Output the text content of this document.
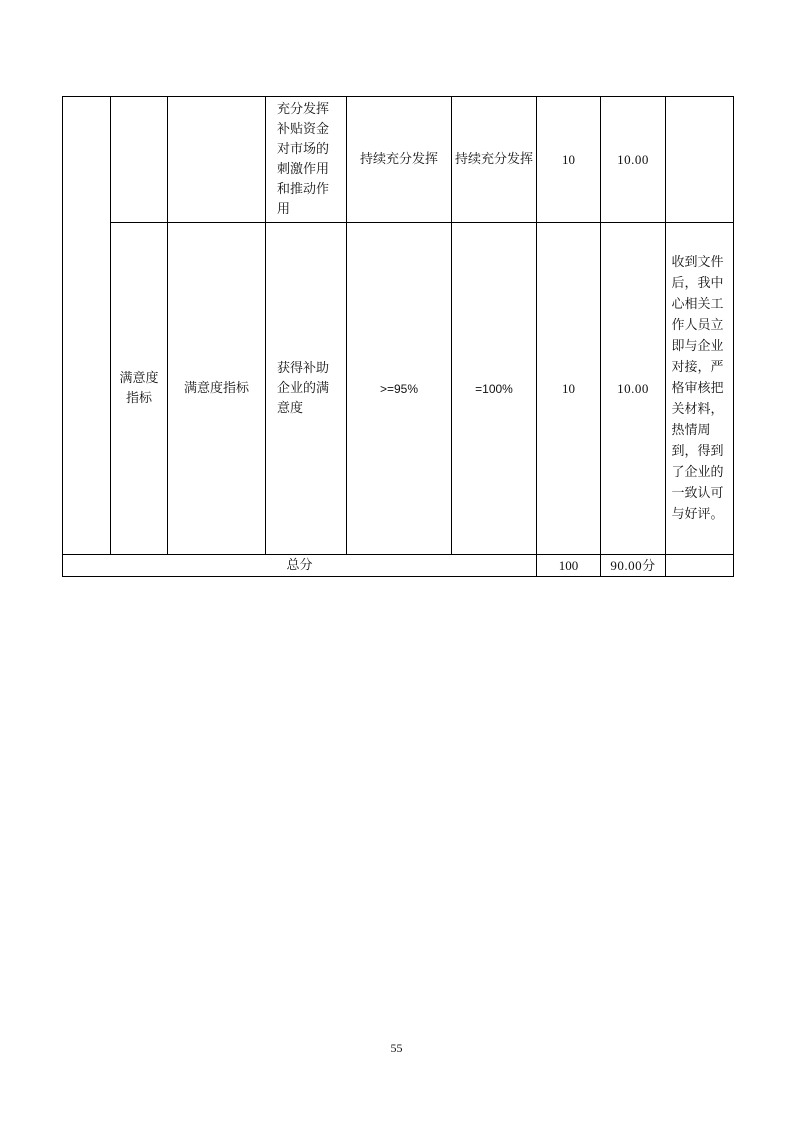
			充分发挥补贴资金对市场的刺激作用和推动作用	持续充分发挥	持续充分发挥	10	10.00	
	满意度指标	满意度指标	获得补助企业的满意度	>=95%	=100%	10	10.00	收到文件后，我中心相关工作人员立即与企业对接，严格审核把关材料，热情周到，得到了企业的一致认可与好评。
总分						100	90.00分	
55
